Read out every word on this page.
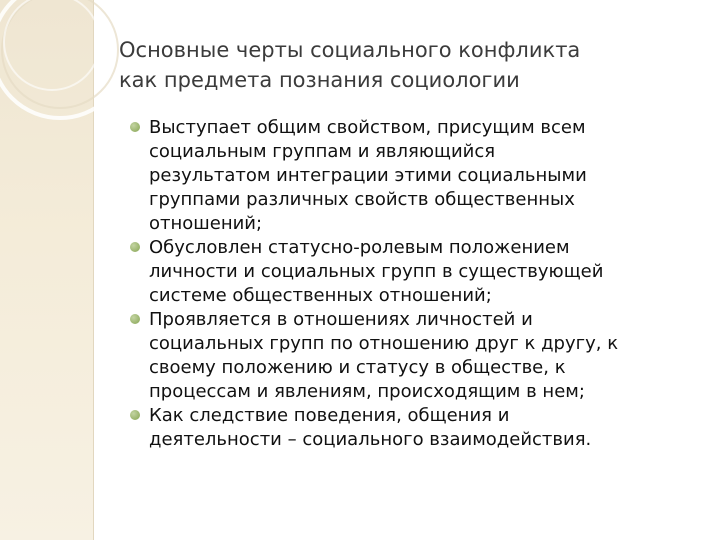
Основные черты социального конфликта
как предмета познания социологии
Выступает общим свойством, присущим всем
социальным группам и являющийся
результатом интеграции этими социальными
группами различных свойств общественных
отношений;
Обусловлен статусно-ролевым положением
личности и социальных групп в существующей
системе общественных отношений;
Проявляется в отношениях личностей и
социальных групп по отношению друг к другу, к
своему положению и статусу в обществе, к
процессам и явлениям, происходящим в нем;
Как следствие поведения, общения и
деятельности – социального взаимодействия.
